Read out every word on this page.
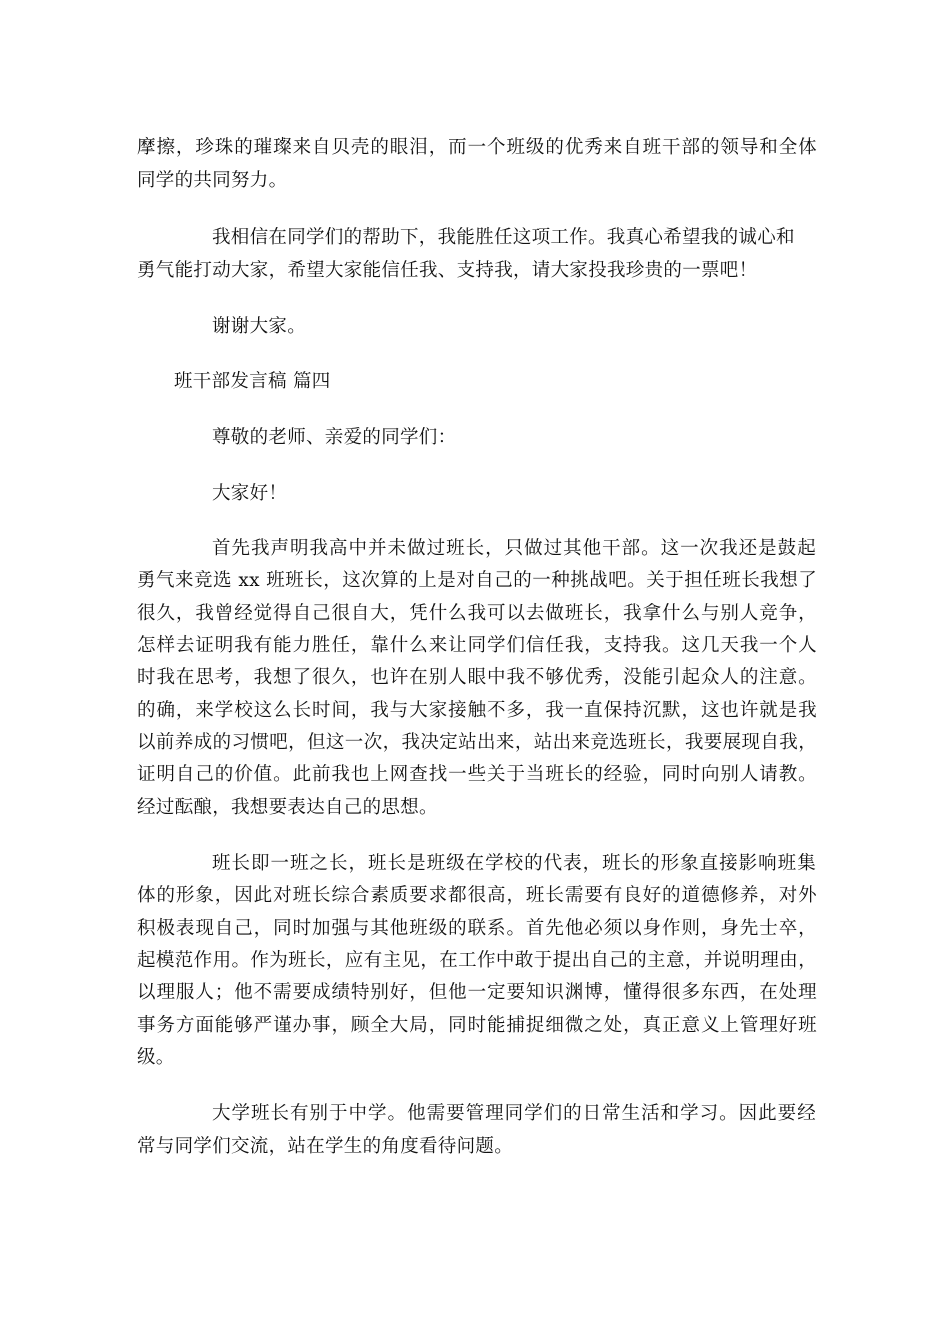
摩擦，珍珠的璀璨来自贝壳的眼泪，而一个班级的优秀来自班干部的领导和全体
同学的共同努力。
我相信在同学们的帮助下，我能胜任这项工作。我真心希望我的诚心和
勇气能打动大家，希望大家能信任我、支持我，请大家投我珍贵的一票吧！
谢谢大家。
班干部发言稿 篇四
尊敬的老师、亲爱的同学们：
大家好！
首先我声明我高中并未做过班长，只做过其他干部。这一次我还是鼓起
勇气来竞选 xx 班班长，这次算的上是对自己的一种挑战吧。关于担任班长我想了
很久，我曾经觉得自己很自大，凭什么我可以去做班长，我拿什么与别人竞争，
怎样去证明我有能力胜任，靠什么来让同学们信任我，支持我。这几天我一个人
时我在思考，我想了很久，也许在别人眼中我不够优秀，没能引起众人的注意。
的确，来学校这么长时间，我与大家接触不多，我一直保持沉默，这也许就是我
以前养成的习惯吧，但这一次，我决定站出来，站出来竞选班长，我要展现自我，
证明自己的价值。此前我也上网查找一些关于当班长的经验，同时向别人请教。
经过酝酿，我想要表达自己的思想。
班长即一班之长，班长是班级在学校的代表，班长的形象直接影响班集
体的形象，因此对班长综合素质要求都很高，班长需要有良好的道德修养，对外
积极表现自己，同时加强与其他班级的联系。首先他必须以身作则，身先士卒，
起模范作用。作为班长，应有主见，在工作中敢于提出自己的主意，并说明理由，
以理服人；他不需要成绩特别好，但他一定要知识渊博，懂得很多东西，在处理
事务方面能够严谨办事，顾全大局，同时能捕捉细微之处，真正意义上管理好班
级。
大学班长有别于中学。他需要管理同学们的日常生活和学习。因此要经
常与同学们交流，站在学生的角度看待问题。
